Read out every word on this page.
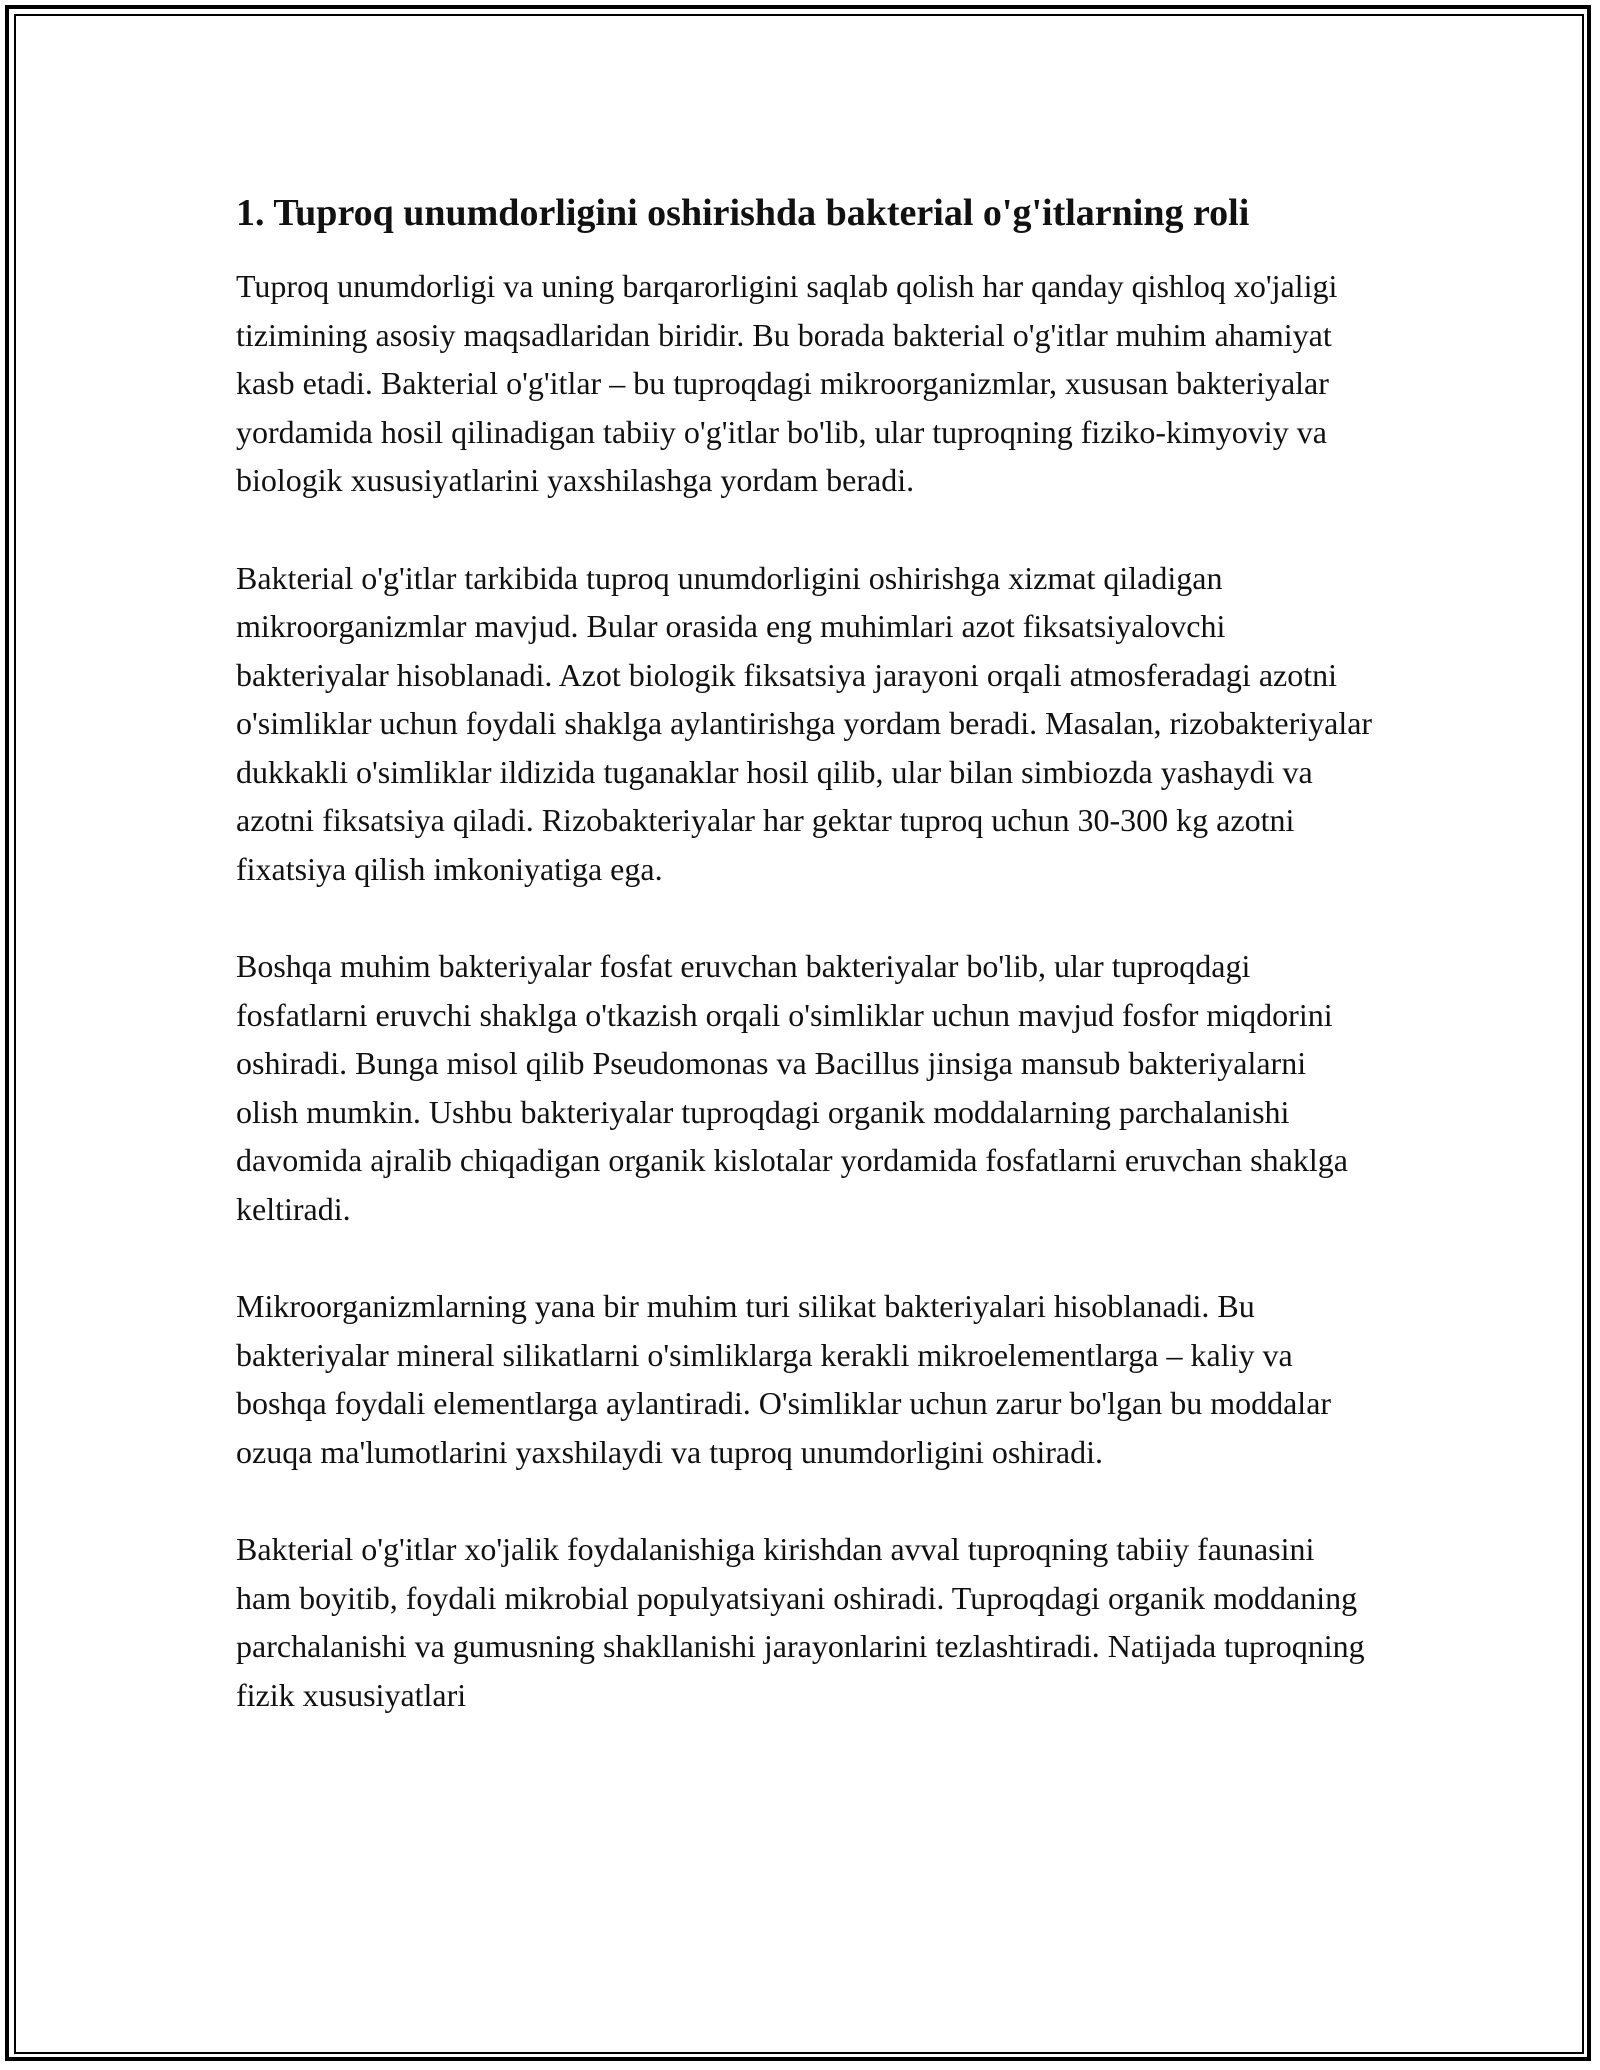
1. Tuproq unumdorligini oshirishda bakterial o'g'itlarning roli

Tuproq unumdorligi va uning barqarorligini saqlab qolish har qanday qishloq xo'jaligi tizimining asosiy maqsadlaridan biridir. Bu borada bakterial o'g'itlar muhim ahamiyat kasb etadi. Bakterial o'g'itlar – bu tuproqdagi mikroorganizmlar, xususan bakteriyalar yordamida hosil qilinadigan tabiiy o'g'itlar bo'lib, ular tuproqning fiziko-kimyoviy va biologik xususiyatlarini yaxshilashga yordam beradi.

Bakterial o'g'itlar tarkibida tuproq unumdorligini oshirishga xizmat qiladigan mikroorganizmlar mavjud. Bular orasida eng muhimlari azot fiksatsiyalovchi bakteriyalar hisoblanadi. Azot biologik fiksatsiya jarayoni orqali atmosferadagi azotni o'simliklar uchun foydali shaklga aylantirishga yordam beradi. Masalan, rizobakteriyalar dukkakli o'simliklar ildizida tuganaklar hosil qilib, ular bilan simbiozda yashaydi va azotni fiksatsiya qiladi. Rizobakteriyalar har gektar tuproq uchun 30-300 kg azotni fixatsiya qilish imkoniyatiga ega.

Boshqa muhim bakteriyalar fosfat eruvchan bakteriyalar bo'lib, ular tuproqdagi fosfatlarni eruvchi shaklga o'tkazish orqali o'simliklar uchun mavjud fosfor miqdorini oshiradi. Bunga misol qilib Pseudomonas va Bacillus jinsiga mansub bakteriyalarni olish mumkin. Ushbu bakteriyalar tuproqdagi organik moddalarning parchalanishi davomida ajralib chiqadigan organik kislotalar yordamida fosfatlarni eruvchan shaklga keltiradi.

Mikroorganizmlarning yana bir muhim turi silikat bakteriyalari hisoblanadi. Bu bakteriyalar mineral silikatlarni o'simliklarga kerakli mikroelementlarga – kaliy va boshqa foydali elementlarga aylantiradi. O'simliklar uchun zarur bo'lgan bu moddalar ozuqa ma'lumotlarini yaxshilaydi va tuproq unumdorligini oshiradi.

Bakterial o'g'itlar xo'jalik foydalanishiga kirishdan avval tuproqning tabiiy faunasini ham boyitib, foydali mikrobial populyatsiyani oshiradi. Tuproqdagi organik moddaning parchalanishi va gumusning shakllanishi jarayonlarini tezlashtiradi. Natijada tuproqning fizik xususiyatlari
